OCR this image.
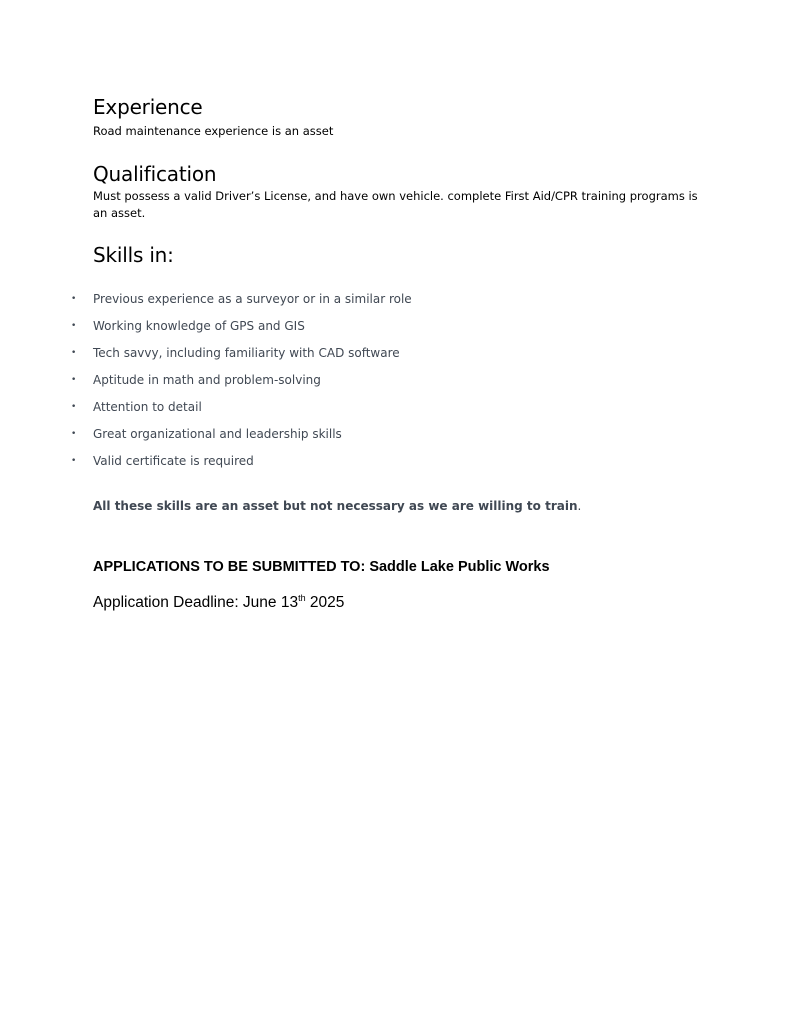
Experience

Road maintenance experience is an asset

Qualification

Must possess a valid Driver’s License, and have own vehicle. complete First Aid/CPR training programs is an asset.

Skills in:
• Previous experience as a surveyor or in a similar role
• Working knowledge of GPS and GIS
• Tech savvy, including familiarity with CAD software
• Aptitude in math and problem-solving
• Attention to detail
• Great organizational and leadership skills
• Valid certificate is required

All these skills are an asset but not necessary as we are willing to train.

APPLICATIONS TO BE SUBMITTED TO: Saddle Lake Public Works

Application Deadline: June 13th 2025
